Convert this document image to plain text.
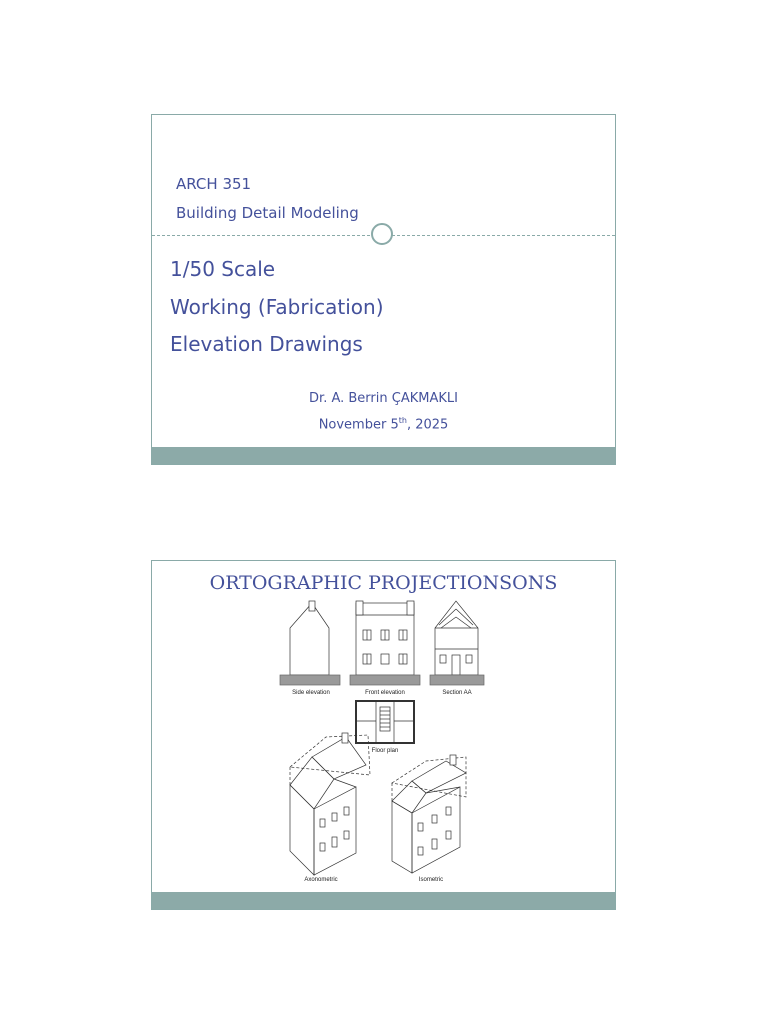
ARCH 351

Building Detail Modeling

1/50 Scale

Working (Fabrication)

Elevation Drawings

Dr. A. Berrin ÇAKMAKLI

November 5th, 2025

ORTOGRAPHIC PROJECTIONSONS

Side elevation	Front elevation	Section AA
Floor plan
Axonometric	Isometric
